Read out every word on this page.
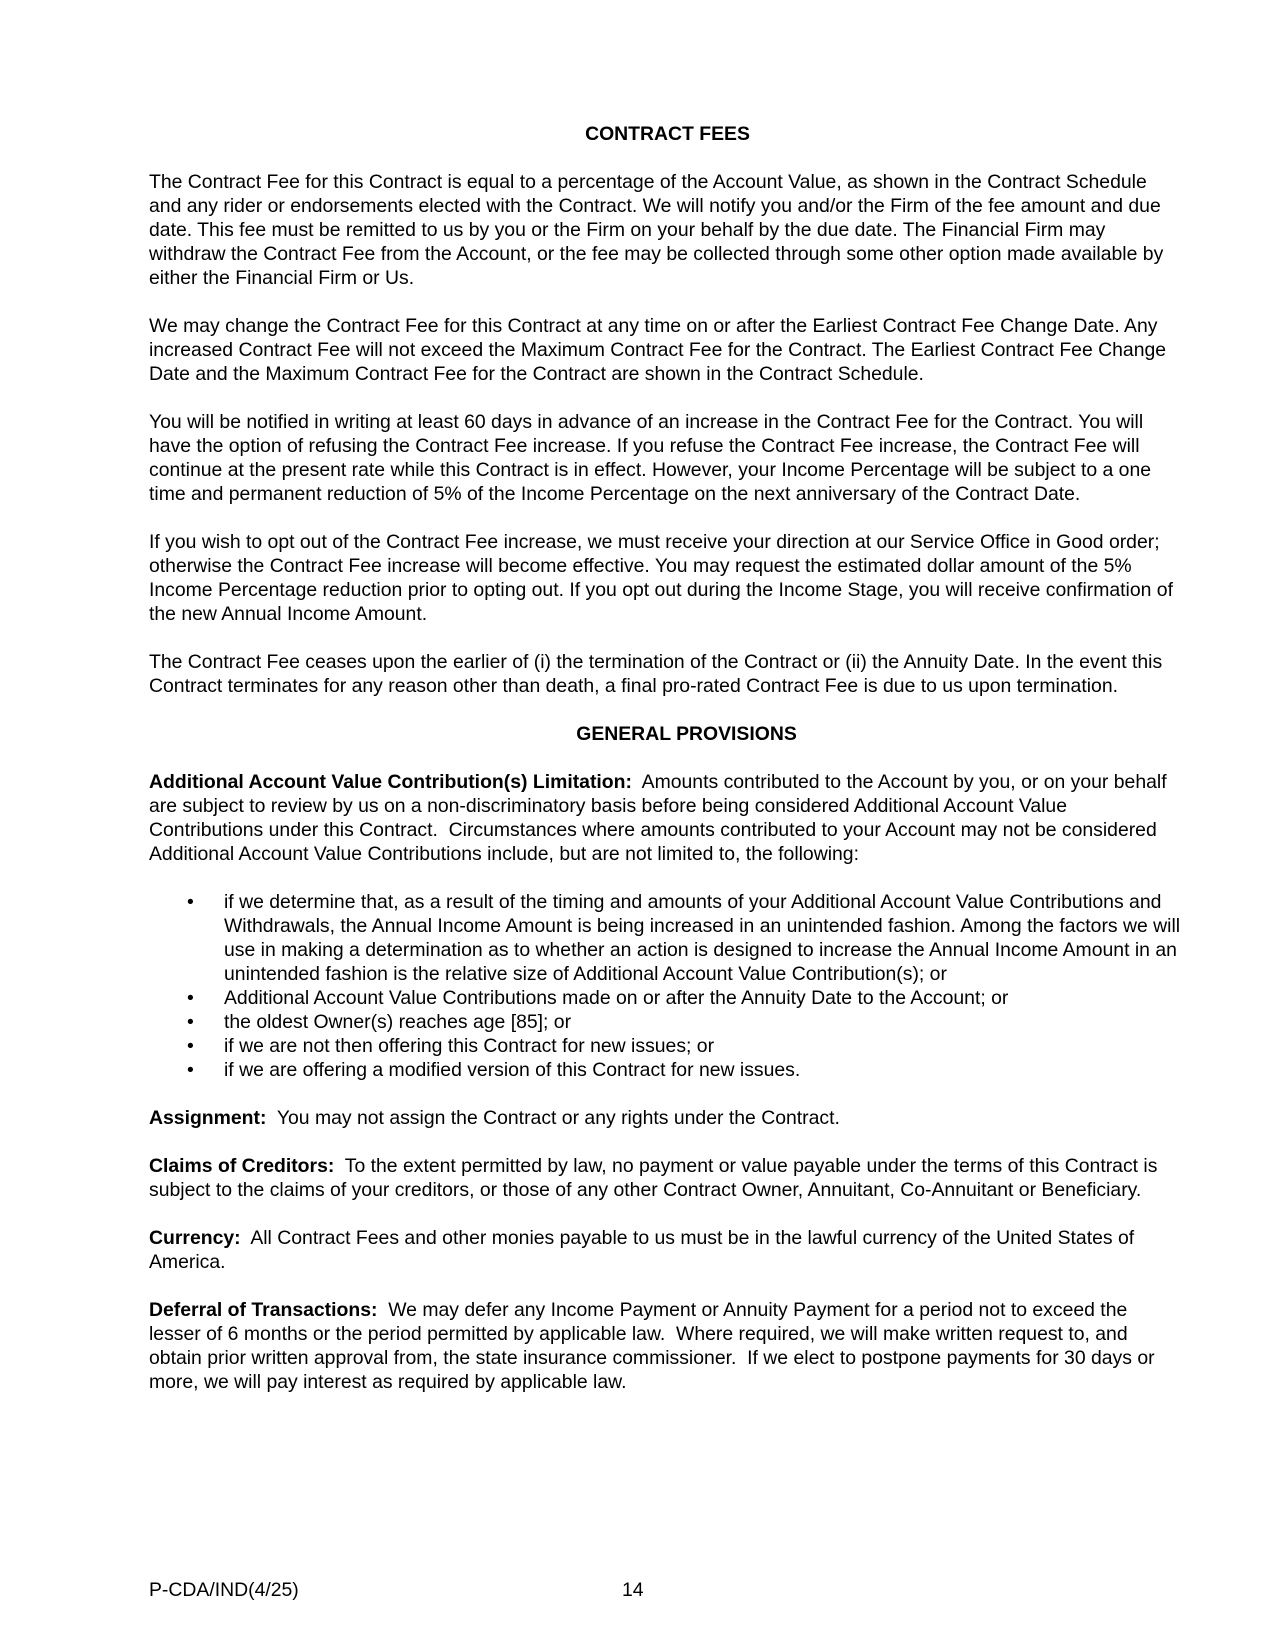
CONTRACT FEES

The Contract Fee for this Contract is equal to a percentage of the Account Value, as shown in the Contract Schedule and any rider or endorsements elected with the Contract. We will notify you and/or the Firm of the fee amount and due date. This fee must be remitted to us by you or the Firm on your behalf by the due date. The Financial Firm may withdraw the Contract Fee from the Account, or the fee may be collected through some other option made available by either the Financial Firm or Us.

We may change the Contract Fee for this Contract at any time on or after the Earliest Contract Fee Change Date. Any increased Contract Fee will not exceed the Maximum Contract Fee for the Contract. The Earliest Contract Fee Change Date and the Maximum Contract Fee for the Contract are shown in the Contract Schedule.

You will be notified in writing at least 60 days in advance of an increase in the Contract Fee for the Contract. You will have the option of refusing the Contract Fee increase. If you refuse the Contract Fee increase, the Contract Fee will continue at the present rate while this Contract is in effect. However, your Income Percentage will be subject to a one time and permanent reduction of 5% of the Income Percentage on the next anniversary of the Contract Date.

If you wish to opt out of the Contract Fee increase, we must receive your direction at our Service Office in Good order; otherwise the Contract Fee increase will become effective. You may request the estimated dollar amount of the 5% Income Percentage reduction prior to opting out. If you opt out during the Income Stage, you will receive confirmation of the new Annual Income Amount.

The Contract Fee ceases upon the earlier of (i) the termination of the Contract or (ii) the Annuity Date. In the event this Contract terminates for any reason other than death, a final pro-rated Contract Fee is due to us upon termination.

GENERAL PROVISIONS

Additional Account Value Contribution(s) Limitation:  Amounts contributed to the Account by you, or on your behalf are subject to review by us on a non-discriminatory basis before being considered Additional Account Value Contributions under this Contract.  Circumstances where amounts contributed to your Account may not be considered Additional Account Value Contributions include, but are not limited to, the following:

• if we determine that, as a result of the timing and amounts of your Additional Account Value Contributions and Withdrawals, the Annual Income Amount is being increased in an unintended fashion. Among the factors we will use in making a determination as to whether an action is designed to increase the Annual Income Amount in an unintended fashion is the relative size of Additional Account Value Contribution(s); or
• Additional Account Value Contributions made on or after the Annuity Date to the Account; or
• the oldest Owner(s) reaches age [85]; or
• if we are not then offering this Contract for new issues; or
• if we are offering a modified version of this Contract for new issues.

Assignment:  You may not assign the Contract or any rights under the Contract.

Claims of Creditors:  To the extent permitted by law, no payment or value payable under the terms of this Contract is subject to the claims of your creditors, or those of any other Contract Owner, Annuitant, Co-Annuitant or Beneficiary.

Currency:  All Contract Fees and other monies payable to us must be in the lawful currency of the United States of America.

Deferral of Transactions:  We may defer any Income Payment or Annuity Payment for a period not to exceed the lesser of 6 months or the period permitted by applicable law.  Where required, we will make written request to, and obtain prior written approval from, the state insurance commissioner.  If we elect to postpone payments for 30 days or more, we will pay interest as required by applicable law.

P-CDA/IND(4/25)	14
